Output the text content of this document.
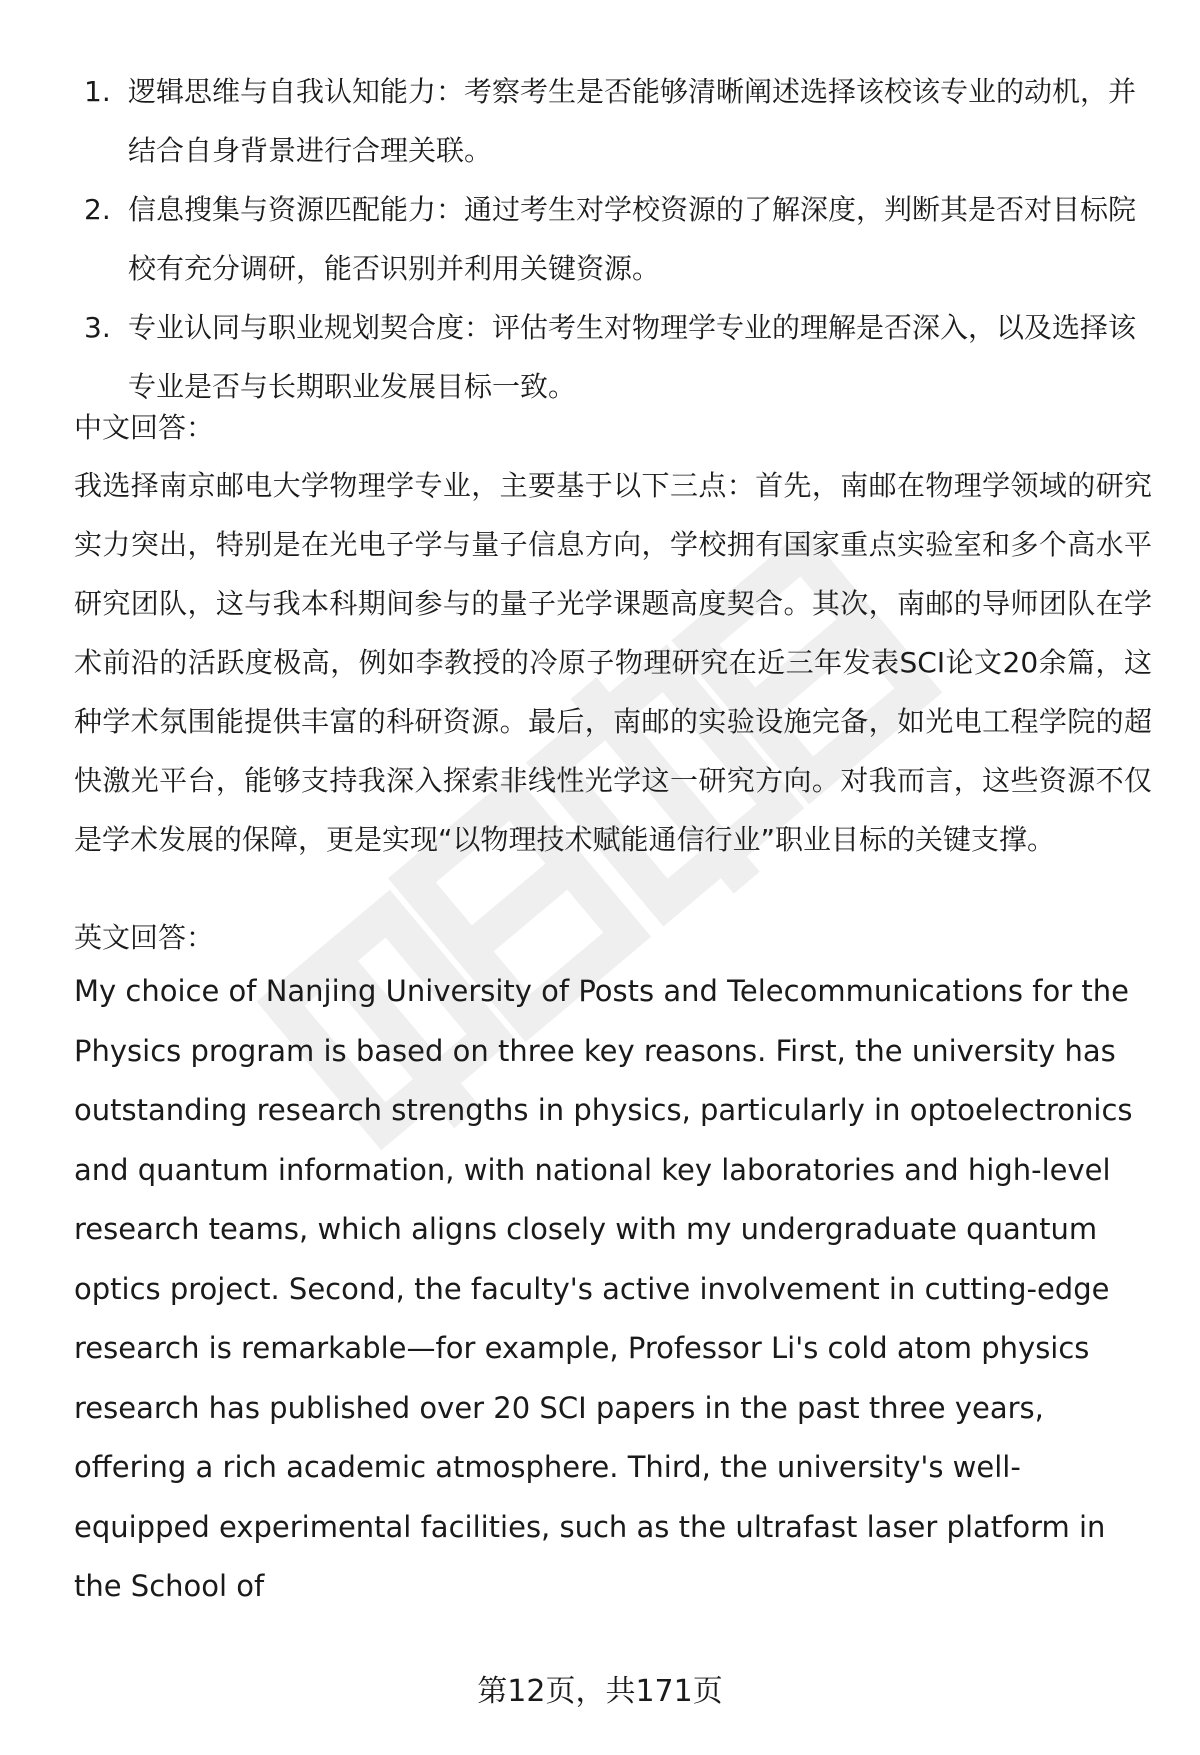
1. 逻辑思维与自我认知能力：考察考生是否能够清晰阐述选择该校该专业的动机，并结合自身背景进行合理关联。
2. 信息搜集与资源匹配能力：通过考生对学校资源的了解深度，判断其是否对目标院校有充分调研，能否识别并利用关键资源。
3. 专业认同与职业规划契合度：评估考生对物理学专业的理解是否深入，以及选择该专业是否与长期职业发展目标一致。

中文回答：

我选择南京邮电大学物理学专业，主要基于以下三点：首先，南邮在物理学领域的研究实力突出，特别是在光电子学与量子信息方向，学校拥有国家重点实验室和多个高水平研究团队，这与我本科期间参与的量子光学课题高度契合。其次，南邮的导师团队在学术前沿的活跃度极高，例如李教授的冷原子物理研究在近三年发表SCI论文20余篇，这种学术氛围能提供丰富的科研资源。最后，南邮的实验设施完备，如光电工程学院的超快激光平台，能够支持我深入探索非线性光学这一研究方向。对我而言，这些资源不仅是学术发展的保障，更是实现“以物理技术赋能通信行业”职业目标的关键支撑。

英文回答：

My choice of Nanjing University of Posts and Telecommunications for the Physics program is based on three key reasons. First, the university has outstanding research strengths in physics, particularly in optoelectronics and quantum information, with national key laboratories and high-level research teams, which aligns closely with my undergraduate quantum optics project. Second, the faculty's active involvement in cutting-edge research is remarkable—for example, Professor Li's cold atom physics research has published over 20 SCI papers in the past three years, offering a rich academic atmosphere. Third, the university's well-equipped experimental facilities, such as the ultrafast laser platform in the School of

第12页，共171页
